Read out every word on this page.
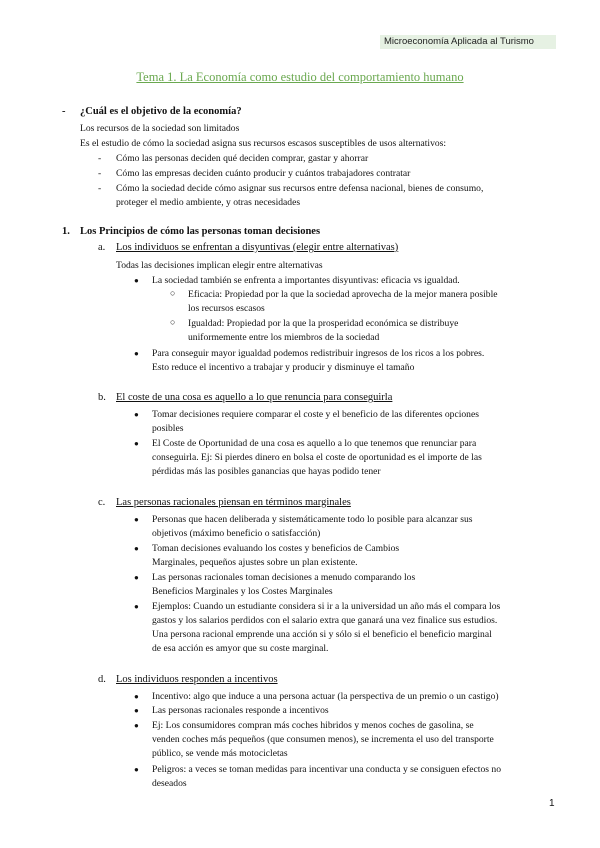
Microeconomía Aplicada al Turismo
Tema 1. La Economía como estudio del comportamiento humano
- ¿Cuál es el objetivo de la economía?
Los recursos de la sociedad son limitados
Es el estudio de cómo la sociedad asigna sus recursos escasos susceptibles de usos alternativos:
- Cómo las personas deciden qué deciden comprar, gastar y ahorrar
- Cómo las empresas deciden cuánto producir y cuántos trabajadores contratar
- Cómo la sociedad decide cómo asignar sus recursos entre defensa nacional, bienes de consumo,
proteger el medio ambiente, y otras necesidades
1. Los Principios de cómo las personas toman decisiones
a. Los individuos se enfrentan a disyuntivas (elegir entre alternativas)
Todas las decisiones implican elegir entre alternativas
● La sociedad también se enfrenta a importantes disyuntivas: eficacia vs igualdad.
○ Eficacia: Propiedad por la que la sociedad aprovecha de la mejor manera posible
los recursos escasos
○ Igualdad: Propiedad por la que la prosperidad económica se distribuye
uniformemente entre los miembros de la sociedad
● Para conseguir mayor igualdad podemos redistribuir ingresos de los ricos a los pobres.
Esto reduce el incentivo a trabajar y producir y disminuye el tamaño
b. El coste de una cosa es aquello a lo que renuncia para conseguirla
● Tomar decisiones requiere comparar el coste y el beneficio de las diferentes opciones
posibles
● El Coste de Oportunidad de una cosa es aquello a lo que tenemos que renunciar para
conseguirla. Ej: Si pierdes dinero en bolsa el coste de oportunidad es el importe de las
pérdidas más las posibles ganancias que hayas podido tener
c. Las personas racionales piensan en términos marginales
● Personas que hacen deliberada y sistemáticamente todo lo posible para alcanzar sus
objetivos (máximo beneficio o satisfacción)
● Toman decisiones evaluando los costes y beneficios de Cambios
Marginales, pequeños ajustes sobre un plan existente.
● Las personas racionales toman decisiones a menudo comparando los
Beneficios Marginales y los Costes Marginales
● Ejemplos: Cuando un estudiante considera si ir a la universidad un año más el compara los
gastos y los salarios perdidos con el salario extra que ganará una vez finalice sus estudios.
Una persona racional emprende una acción si y sólo si el beneficio el beneficio marginal
de esa acción es amyor que su coste marginal.
d. Los individuos responden a incentivos
● Incentivo: algo que induce a una persona actuar (la perspectiva de un premio o un castigo)
● Las personas racionales responde a incentivos
● Ej: Los consumidores compran más coches hibridos y menos coches de gasolina, se
venden coches más pequeños (que consumen menos), se incrementa el uso del transporte
público, se vende más motocicletas
● Peligros: a veces se toman medidas para incentivar una conducta y se consiguen efectos no
deseados
1
